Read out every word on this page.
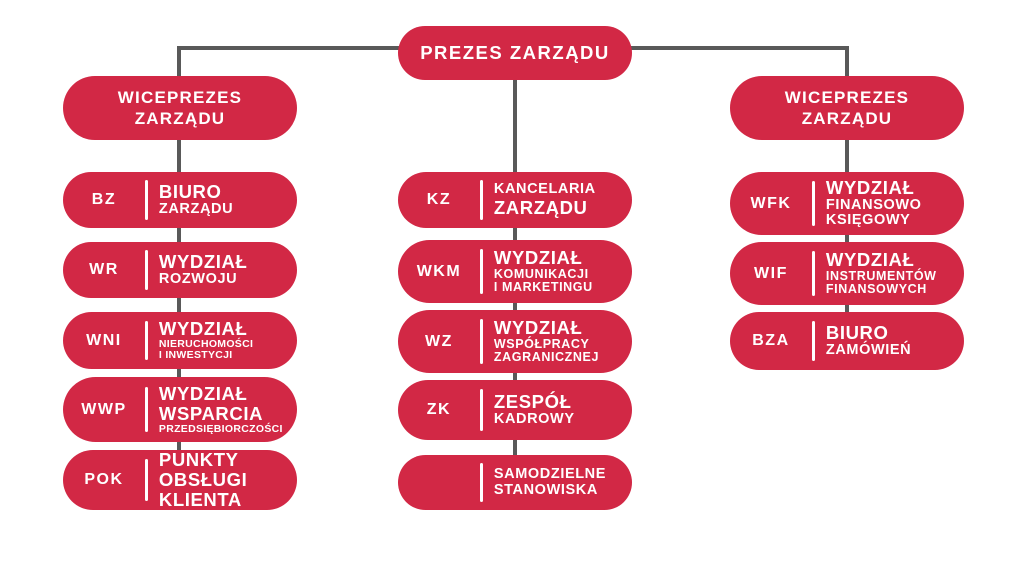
PREZES ZARZĄDU
WICEPREZES
ZARZĄDU
WICEPREZES
ZARZĄDU
BZ	BIURO
ZARZĄDU
WR	WYDZIAŁ
ROZWOJU
WNI
WYDZIAŁ
NIERUCHOMOŚCI
I INWESTYCJI
WWP
WYDZIAŁ
WSPARCIA
PRZEDSIĘBIORCZOŚCI
POK
PUNKTY
OBSŁUGI
KLIENTA
KZ
KANCELARIA
ZARZĄDU
WKM
WYDZIAŁ
KOMUNIKACJI
I MARKETINGU
WZ
WYDZIAŁ
WSPÓŁPRACY
ZAGRANICZNEJ
ZK	ZESPÓŁ
KADROWY
SAMODZIELNE
STANOWISKA
WFK
WYDZIAŁ
FINANSOWO
KSIĘGOWY
WIF
WYDZIAŁ
INSTRUMENTÓW
FINANSOWYCH
BZA	BIURO
ZAMÓWIEŃ
